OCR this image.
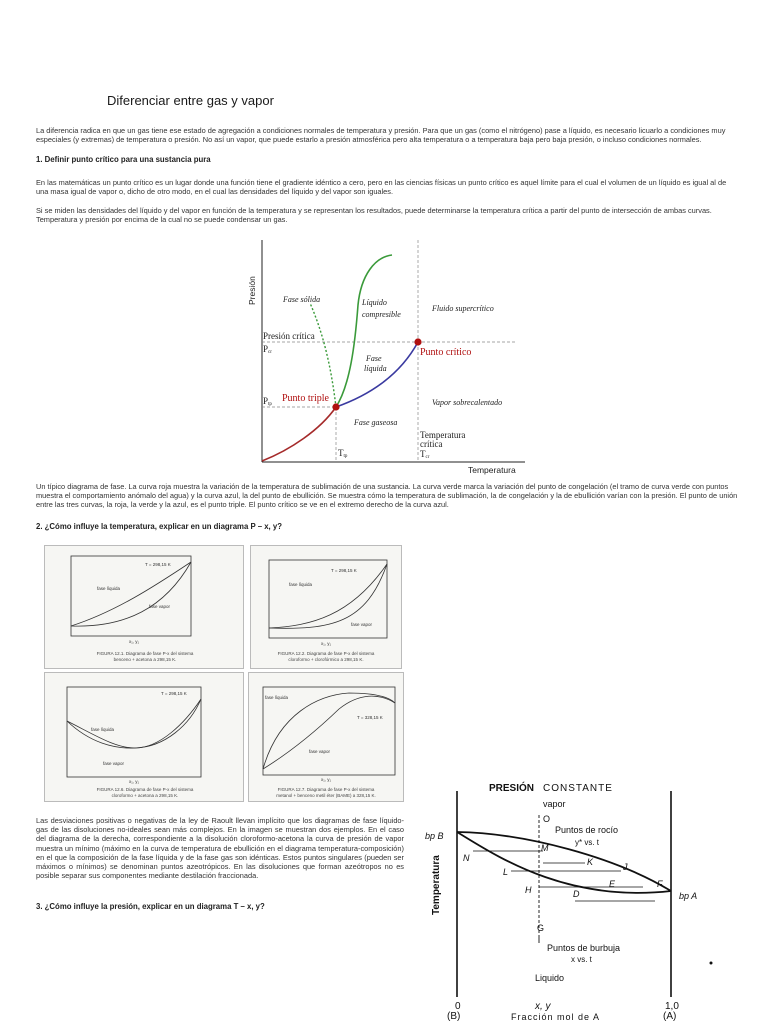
Diferenciar entre gas y vapor
La diferencia radica en que un gas tiene ese estado de agregación a condiciones normales de temperatura y presión. Para que un gas (como el nitrógeno) pase a líquido, es necesario licuarlo a condiciones muy especiales (y extremas) de temperatura o presión. No así un vapor, que puede estarlo a presión atmosférica pero alta temperatura o a temperatura baja pero baja presión, o incluso condiciones normales.
1. Definir punto crítico para una sustancia pura
En las matemáticas un punto crítico es un lugar donde una función tiene el gradiente idéntico a cero, pero en las ciencias físicas un punto crítico es aquel límite para el cual el volumen de un líquido es igual al de una masa igual de vapor o, dicho de otro modo, en el cual las densidades del líquido y del vapor son iguales.
Si se miden las densidades del líquido y del vapor en función de la temperatura y se representan los resultados, puede determinarse la temperatura crítica a partir del punto de intersección de ambas curvas. Temperatura y presión por encima de la cual no se puede condensar un gas.
Fase sólida	Líquido
compresible
Fluido supercrítico
Fase
líquida
Vapor sobrecalentado
Fase gaseosa
Presión crítica
Pcr
Ptp
Temperatura
crítica
Ttp	Tcr
Punto crítico
Punto triple
Presión
Temperatura
Un típico diagrama de fase. La curva roja muestra la variación de la temperatura de sublimación de una sustancia. La curva verde marca la variación del punto de congelación (el tramo de curva verde con puntos muestra el comportamiento anómalo del agua) y la curva azul, la del punto de ebullición. Se muestra cómo la temperatura de sublimación, la de congelación y la de ebullición varían con la presión. El punto de unión entre las tres curvas, la roja, la verde y la azul, es el punto triple. El punto crítico se ve en el extremo derecho de la curva azul.
2. ¿Cómo influye la temperatura, explicar en un diagrama P – x, y?
T = 298,15 K
fase líquida
fase vapor
x₁, y₁
FIGURA 12.1. Diagrama de fase P-x del sistema
benceno + acetona a 298,15 K.
T = 298,15 K
fase líquida
fase vapor
x₁, y₁
FIGURA 12.2. Diagrama de fase P-x del sistema
cloroformo + clorofórmico a 298,15 K.
T = 298,15 K
fase líquida
fase vapor
x₁, y₁
FIGURA 12.6. Diagrama de fase P-x del sistema
cloroformo + acetona a 298,15 K.
fase líquida
T = 328,15 K
fase vapor
x₁, y₁
FIGURA 12.7. Diagrama de fase P-x del sistema
metanol + benceno metil éter (BAME) a 328,15 K.
Las desviaciones positivas o negativas de la ley de Raoult llevan implícito que los diagramas de fase líquido-gas de las disoluciones no-ideales sean más complejos. En la imagen se muestran dos ejemplos. En el caso del diagrama de la derecha, correspondiente a la disolución cloroformo-acetona la curva de presión de vapor muestra un mínimo (máximo en la curva de temperatura de ebullición en el diagrama temperatura-composición) en el que la composición de la fase líquida y de la fase gas son idénticas. Estos puntos singulares (pueden ser máximos o mínimos) se denominan puntos azeotrópicos. En las disoluciones que forman azeótropos no es posible separar sus componentes mediante destilación fraccionada.
3. ¿Cómo influye la presión, explicar en un diagrama T – x, y?
PRESIÓN CONSTANTE
vapor
O
Puntos de rocío
y* vs. t
Puntos de burbuja
x vs. t
Liquido
Fracción mol de A
0
(B)
1,0
(A)
x, y
bp B
bp A
G
N
M
K
L	J
H
E	F
D
Temperatura
